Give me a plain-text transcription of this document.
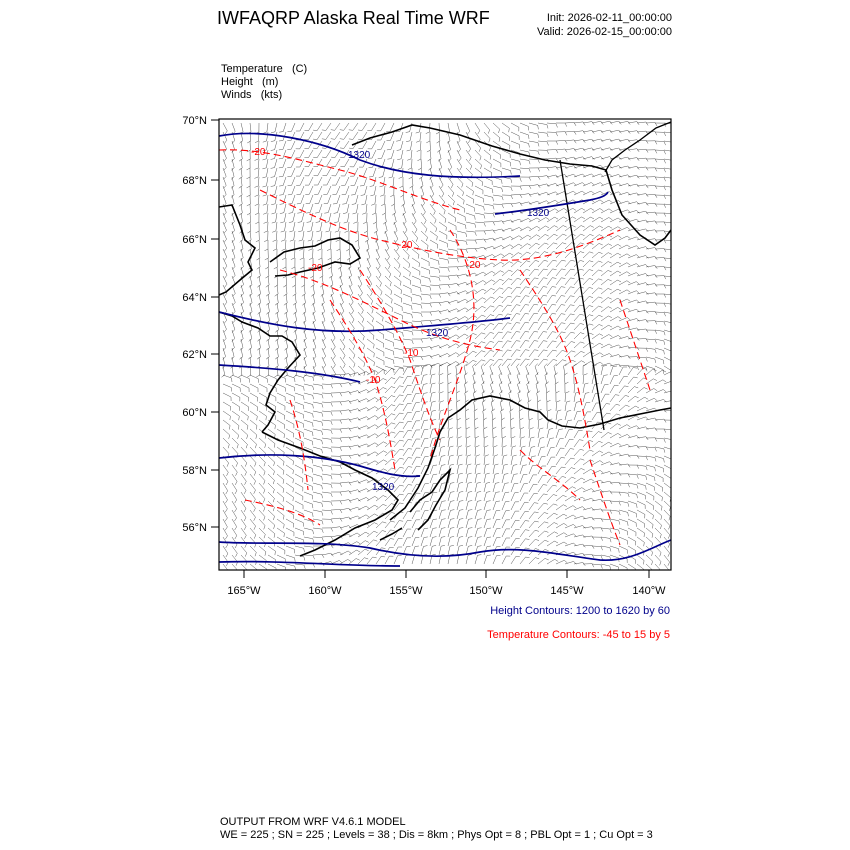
IWFAQRP Alaska Real Time WRF	Init: 2026-02-11_00:00:00
Valid: 2026-02-15_00:00:00
Temperature (C)
Height (m)
Winds (kts)
1320
1320
1320
1320
-20
-20
-20
-20
-10
-10
70°N
68°N
66°N
64°N
62°N
60°N
58°N
56°N
165°W	160°W	155°W	150°W	145°W	140°W
Height Contours: 1200 to 1620 by 60
Temperature Contours: -45 to 15 by 5
OUTPUT FROM WRF V4.6.1 MODEL
WE = 225 ; SN = 225 ; Levels = 38 ; Dis = 8km ; Phys Opt = 8 ; PBL Opt = 1 ; Cu Opt = 3
